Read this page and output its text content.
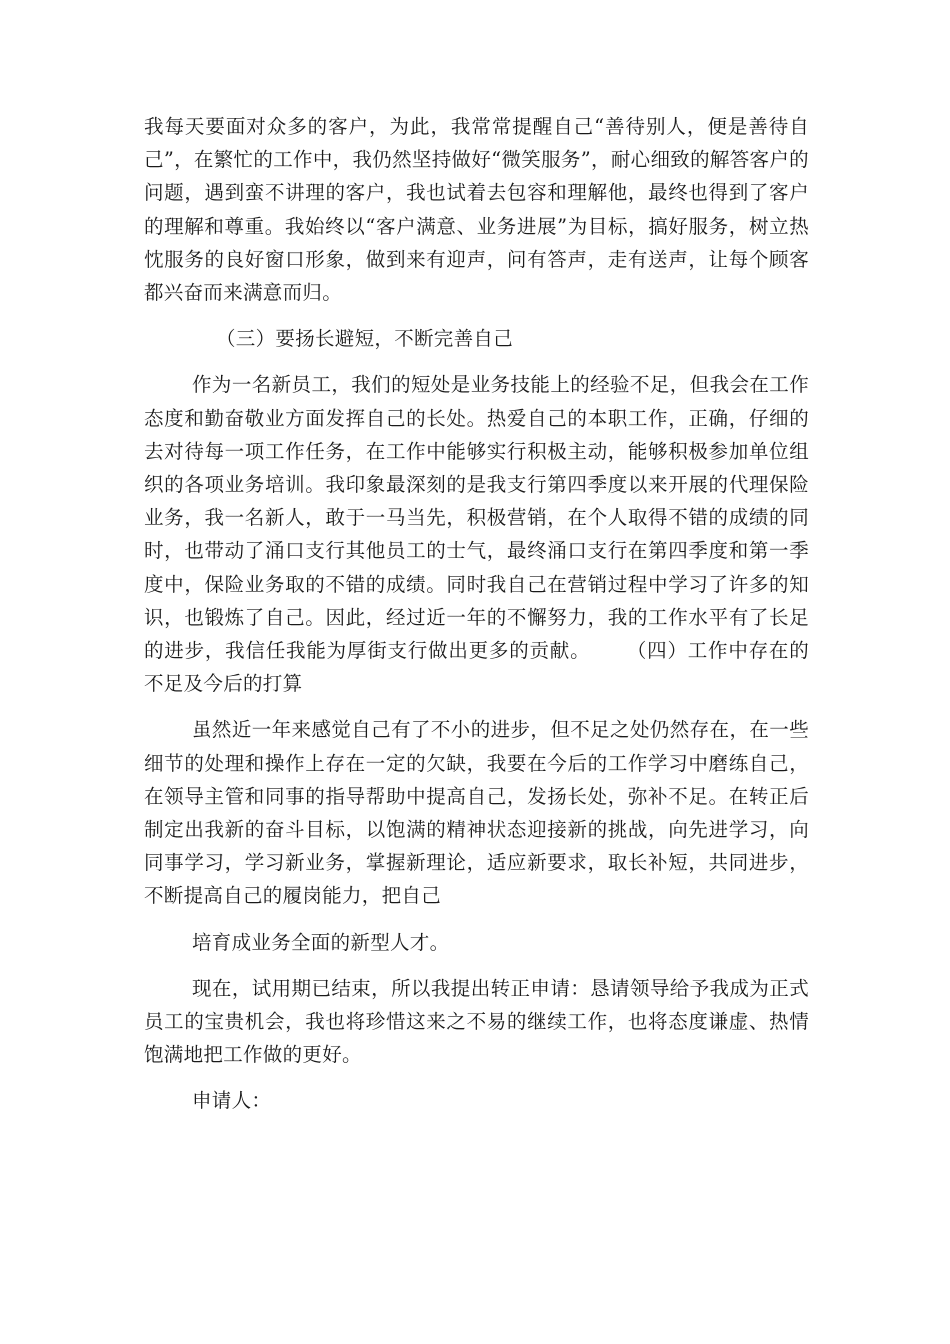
我每天要面对众多的客户，为此，我常常提醒自己“善待别人，便是善待自己”，在繁忙的工作中，我仍然坚持做好“微笑服务”，耐心细致的解答客户的问题，遇到蛮不讲理的客户，我也试着去包容和理解他，最终也得到了客户的理解和尊重。我始终以“客户满意、业务进展”为目标，搞好服务，树立热忱服务的良好窗口形象，做到来有迎声，问有答声，走有送声，让每个顾客都兴奋而来满意而归。

（三）要扬长避短，不断完善自己

作为一名新员工，我们的短处是业务技能上的经验不足，但我会在工作态度和勤奋敬业方面发挥自己的长处。热爱自己的本职工作，正确，仔细的去对待每一项工作任务，在工作中能够实行积极主动，能够积极参加单位组织的各项业务培训。我印象最深刻的是我支行第四季度以来开展的代理保险业务，我一名新人，敢于一马当先，积极营销，在个人取得不错的成绩的同时，也带动了涌口支行其他员工的士气，最终涌口支行在第四季度和第一季度中，保险业务取的不错的成绩。同时我自己在营销过程中学习了许多的知识，也锻炼了自己。因此，经过近一年的不懈努力，我的工作水平有了长足的进步，我信任我能为厚街支行做出更多的贡献。 （四）工作中存在的不足及今后的打算

虽然近一年来感觉自己有了不小的进步，但不足之处仍然存在，在一些细节的处理和操作上存在一定的欠缺，我要在今后的工作学习中磨练自己，在领导主管和同事的指导帮助中提高自己，发扬长处，弥补不足。在转正后制定出我新的奋斗目标，以饱满的精神状态迎接新的挑战，向先进学习，向同事学习，学习新业务，掌握新理论，适应新要求，取长补短，共同进步，不断提高自己的履岗能力，把自己

培育成业务全面的新型人才。

现在，试用期已结束，所以我提出转正申请：恳请领导给予我成为正式员工的宝贵机会，我也将珍惜这来之不易的继续工作，也将态度谦虚、热情饱满地把工作做的更好。

申请人：
